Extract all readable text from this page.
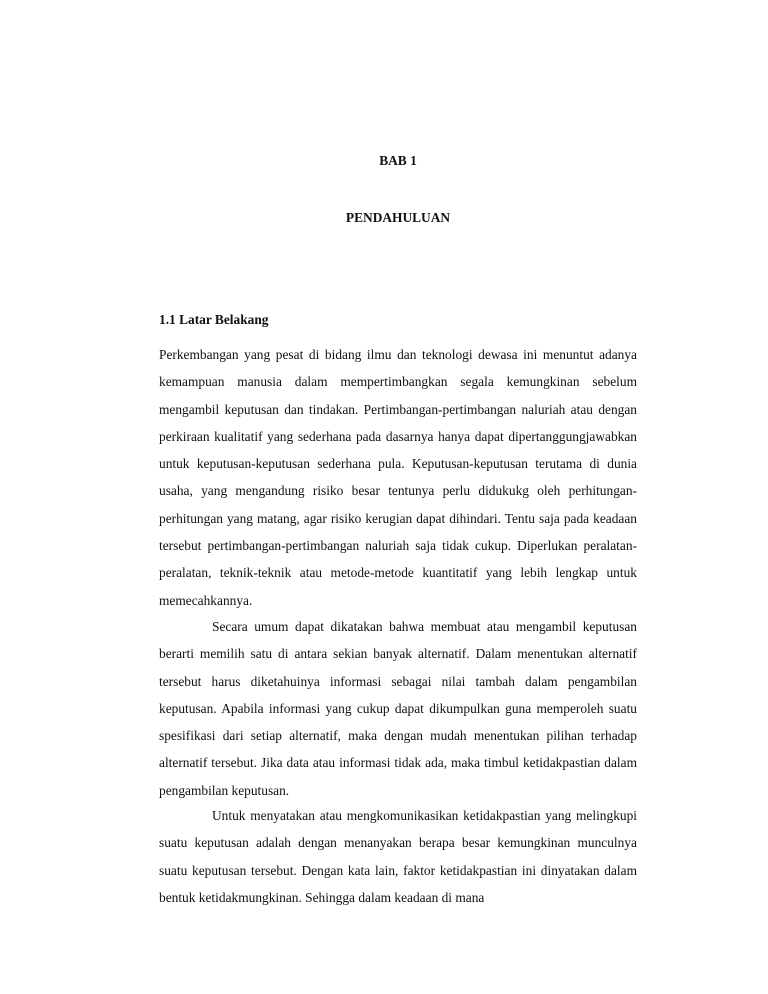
BAB 1
PENDAHULUAN
1.1 Latar Belakang

Perkembangan yang pesat di bidang ilmu dan teknologi dewasa ini menuntut adanya kemampuan manusia dalam mempertimbangkan segala kemungkinan sebelum mengambil keputusan dan tindakan. Pertimbangan-pertimbangan naluriah atau dengan perkiraan kualitatif yang sederhana pada dasarnya hanya dapat dipertanggungjawabkan untuk keputusan-keputusan sederhana pula. Keputusan-keputusan terutama di dunia usaha, yang mengandung risiko besar tentunya perlu didukukg oleh perhitungan-perhitungan yang matang, agar risiko kerugian dapat dihindari. Tentu saja pada keadaan tersebut pertimbangan-pertimbangan naluriah saja tidak cukup. Diperlukan peralatan-peralatan, teknik-teknik atau metode-metode kuantitatif yang lebih lengkap untuk memecahkannya.

Secara umum dapat dikatakan bahwa membuat atau mengambil keputusan berarti memilih satu di antara sekian banyak alternatif. Dalam menentukan alternatif tersebut harus diketahuinya informasi sebagai nilai tambah dalam pengambilan keputusan. Apabila informasi yang cukup dapat dikumpulkan guna memperoleh suatu spesifikasi dari setiap alternatif, maka dengan mudah menentukan pilihan terhadap alternatif tersebut. Jika data atau informasi tidak ada, maka timbul ketidakpastian dalam pengambilan keputusan.

Untuk menyatakan atau mengkomunikasikan ketidakpastian yang melingkupi suatu keputusan adalah dengan menanyakan berapa besar kemungkinan munculnya suatu keputusan tersebut. Dengan kata lain, faktor ketidakpastian ini dinyatakan dalam bentuk ketidakmungkinan. Sehingga dalam keadaan di mana
